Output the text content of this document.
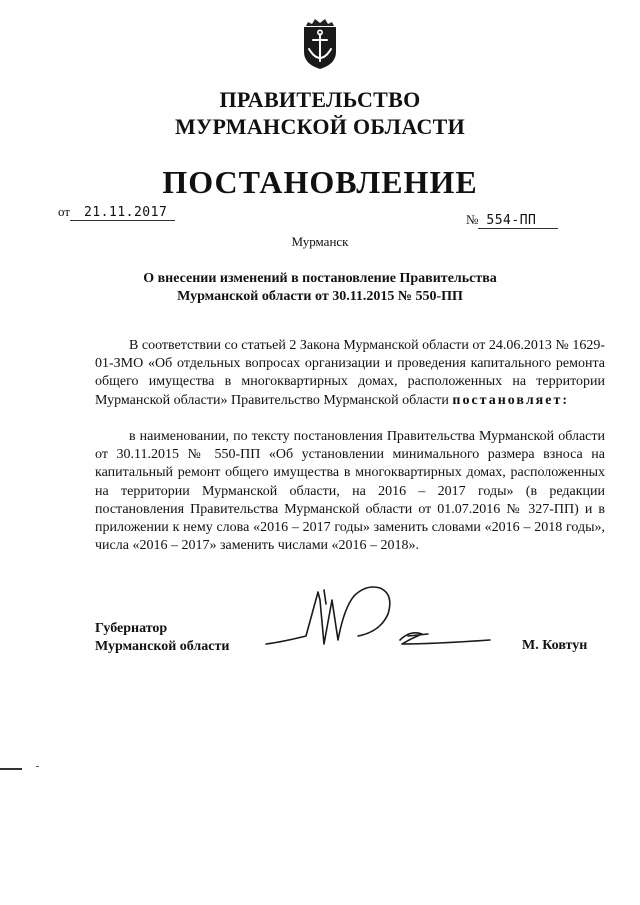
ПРАВИТЕЛЬСТВО
МУРМАНСКОЙ ОБЛАСТИ
ПОСТАНОВЛЕНИЕ
от 21.11.2017	№ 554-ПП
Мурманск
О внесении изменений в постановление Правительства
Мурманской области от 30.11.2015 № 550-ПП
В соответствии со статьей 2 Закона Мурманской области от 24.06.2013 № 1629-01-ЗМО «Об отдельных вопросах организации и проведения капитального ремонта общего имущества в многоквартирных домах, расположенных на территории Мурманской области» Правительство Мурманской области постановляет:
в наименовании, по тексту постановления Правительства Мурманской области от 30.11.2015 № 550-ПП «Об установлении минимального размера взноса на капитальный ремонт общего имущества в многоквартирных домах, расположенных на территории Мурманской области, на 2016 – 2017 годы» (в редакции постановления Правительства Мурманской области от 01.07.2016 № 327-ПП) и в приложении к нему слова «2016 – 2017 годы» заменить словами «2016 – 2018 годы», числа «2016 – 2017» заменить числами «2016 – 2018».
Губернатор
Мурманской области	М. Ковтун
